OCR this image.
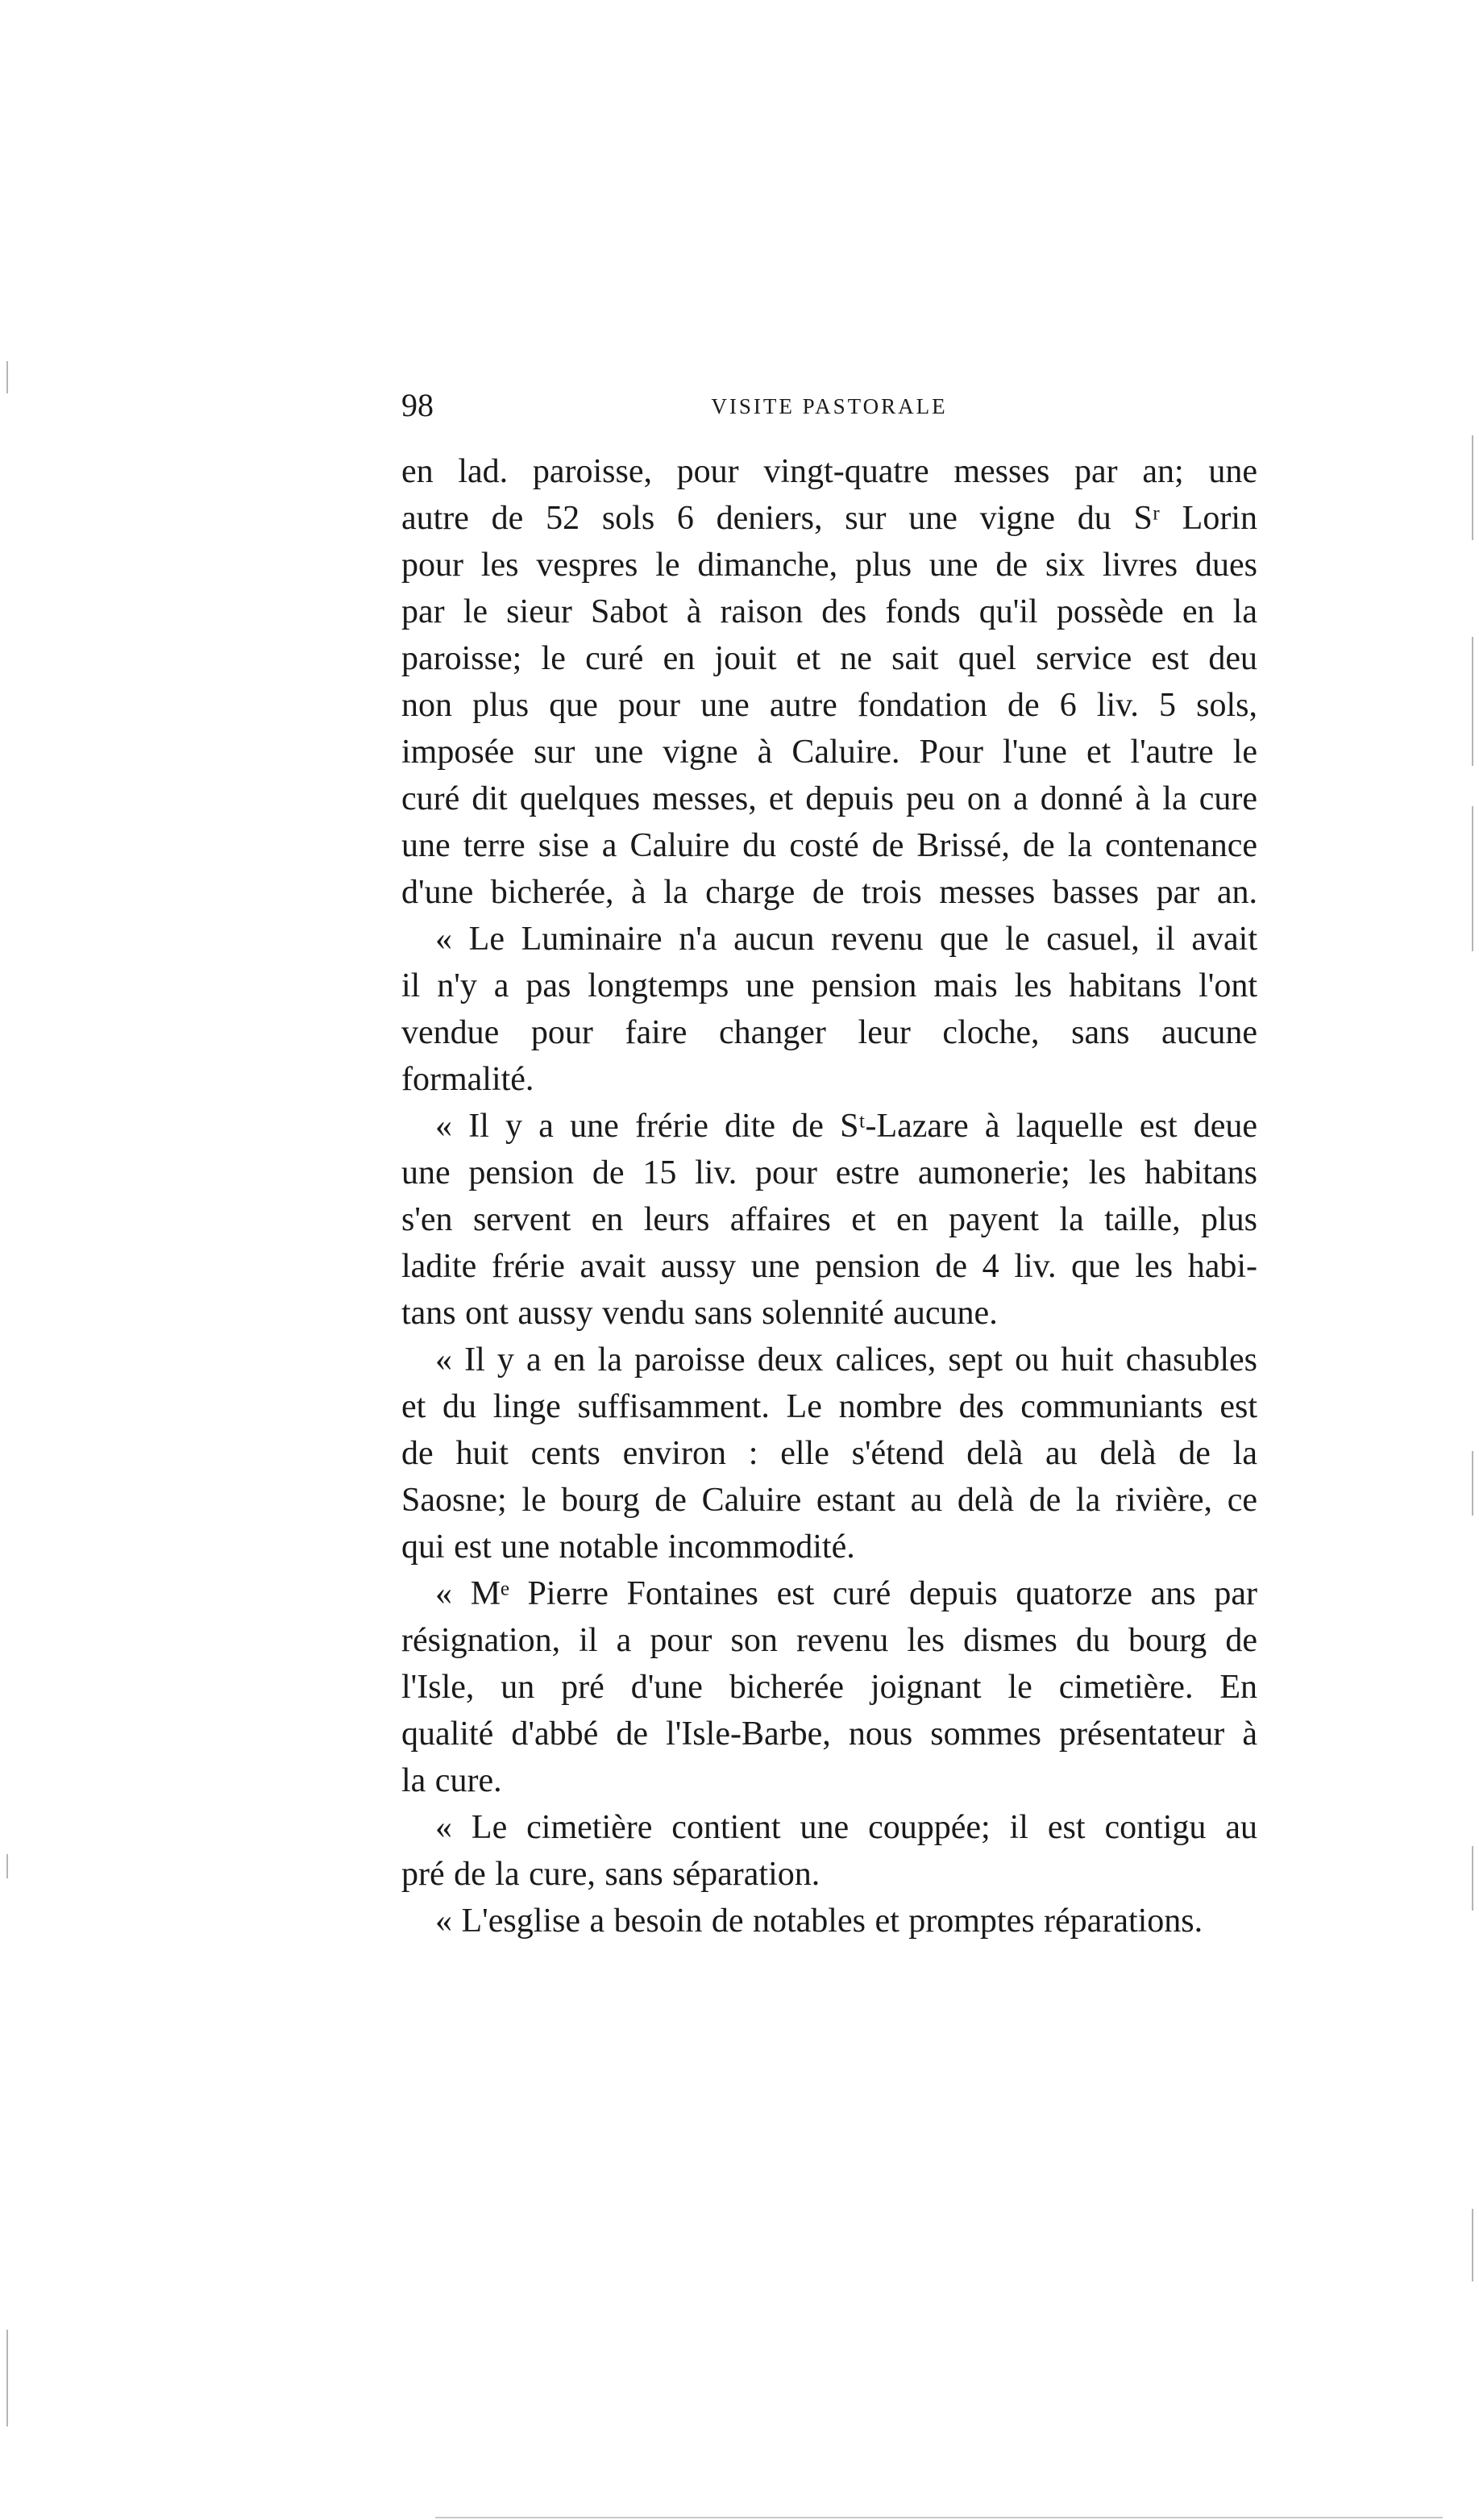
98	VISITE PASTORALE

en lad. paroisse, pour vingt-quatre messes par an; une

autre de 52 sols 6 deniers, sur une vigne du Sʳ Lorin

pour les vespres le dimanche, plus une de six livres dues

par le sieur Sabot à raison des fonds qu'il possède en la

paroisse; le curé en jouit et ne sait quel service est deu

non plus que pour une autre fondation de 6 liv. 5 sols,

imposée sur une vigne à Caluire. Pour l'une et l'autre le

curé dit quelques messes, et depuis peu on a donné à la cure

une terre sise a Caluire du costé de Brissé, de la contenance

d'une bicherée, à la charge de trois messes basses par an.

« Le Luminaire n'a aucun revenu que le casuel, il avait

il n'y a pas longtemps une pension mais les habitans l'ont

vendue pour faire changer leur cloche, sans aucune

formalité.

« Il y a une frérie dite de Sᵗ-Lazare à laquelle est deue

une pension de 15 liv. pour estre aumonerie; les habitans

s'en servent en leurs affaires et en payent la taille, plus

ladite frérie avait aussy une pension de 4 liv. que les habi-

tans ont aussy vendu sans solennité aucune.

« Il y a en la paroisse deux calices, sept ou huit chasubles

et du linge suffisamment. Le nombre des communiants est

de huit cents environ : elle s'étend delà au delà de la

Saosne; le bourg de Caluire estant au delà de la rivière, ce

qui est une notable incommodité.

« Mᵉ Pierre Fontaines est curé depuis quatorze ans par

résignation, il a pour son revenu les dismes du bourg de

l'Isle, un pré d'une bicherée joignant le cimetière. En

qualité d'abbé de l'Isle-Barbe, nous sommes présentateur à

la cure.

« Le cimetière contient une couppée; il est contigu au

pré de la cure, sans séparation.

« L'esglise a besoin de notables et promptes réparations.
